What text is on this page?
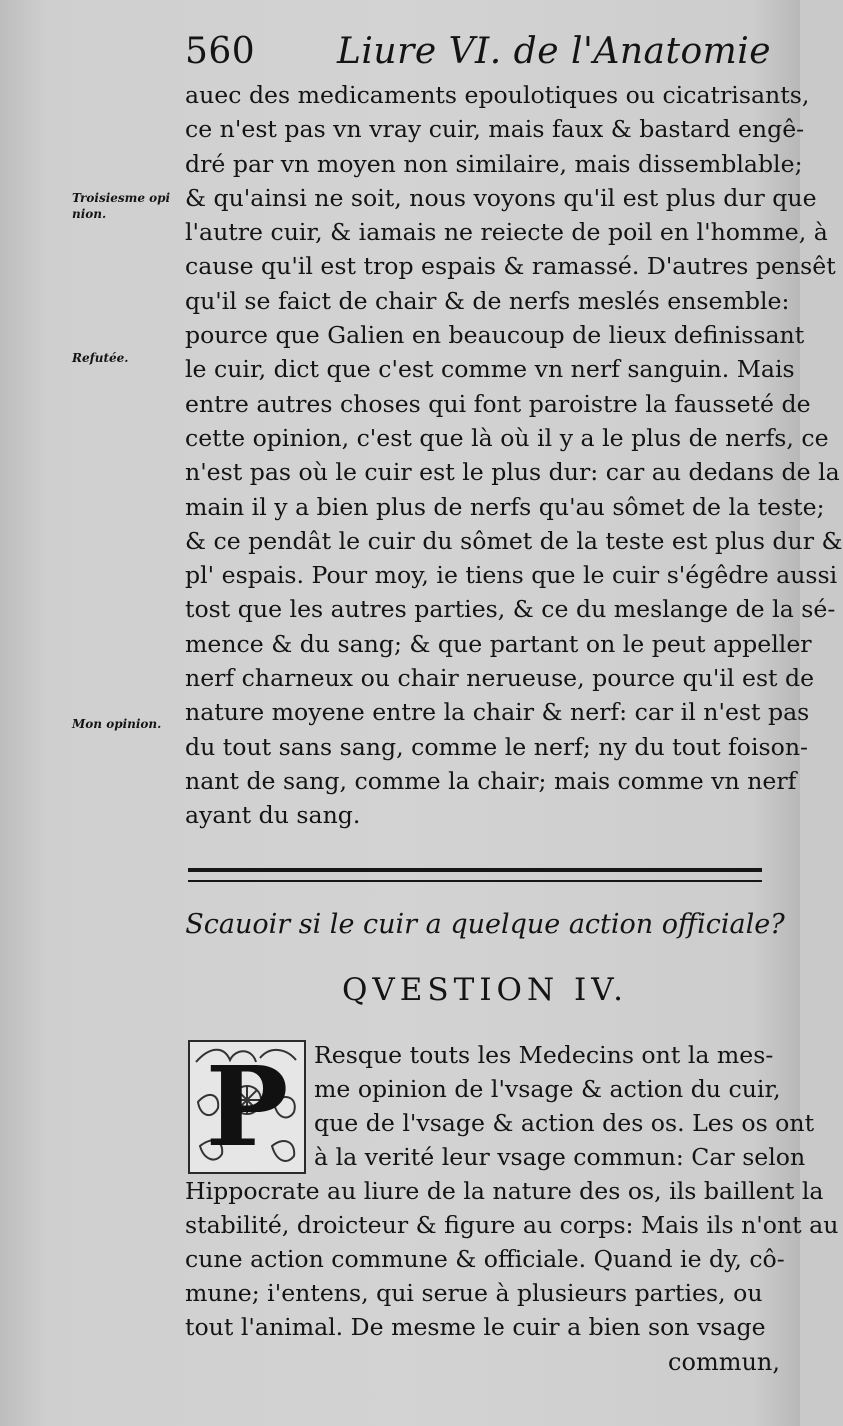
560 Liure VI. de l'Anatomie
Troisiesme opi nion.
Refutée.
Mon opinion.
auec des medicaments epoulotiques ou cicatrisants,
ce n'est pas vn vray cuir, mais faux & bastard engê-
dré par vn moyen non similaire, mais dissemblable;
& qu'ainsi ne soit, nous voyons qu'il est plus dur que
l'autre cuir, & iamais ne reiecte de poil en l'homme, à
cause qu'il est trop espais & ramassé. D'autres pensêt
qu'il se faict de chair & de nerfs meslés ensemble:
pource que Galien en beaucoup de lieux definissant
le cuir, dict que c'est comme vn nerf sanguin. Mais
entre autres choses qui font paroistre la fausseté de
cette opinion, c'est que là où il y a le plus de nerfs, ce
n'est pas où le cuir est le plus dur: car au dedans de la
main il y a bien plus de nerfs qu'au sômet de la teste;
& ce pendât le cuir du sômet de la teste est plus dur &
pl' espais. Pour moy, ie tiens que le cuir s'égêdre aussi
tost que les autres parties, & ce du meslange de la sé-
mence & du sang; & que partant on le peut appeller
nerf charneux ou chair nerueuse, pource qu'il est de
nature moyene entre la chair & nerf: car il n'est pas
du tout sans sang, comme le nerf; ny du tout foison-
nant de sang, comme la chair; mais comme vn nerf
ayant du sang.
Scauoir si le cuir a quelque action officiale?
QVESTION IV.
P	Resque touts les Medecins ont la mes-
me opinion de l'vsage & action du cuir,
que de l'vsage & action des os. Les os ont
à la verité leur vsage commun: Car selon
Hippocrate au liure de la nature des os, ils baillent la
stabilité, droicteur & figure au corps: Mais ils n'ont au
cune action commune & officiale. Quand ie dy, cô-
mune; i'entens, qui serue à plusieurs parties, ou
tout l'animal. De mesme le cuir a bien son vsage
commun,
